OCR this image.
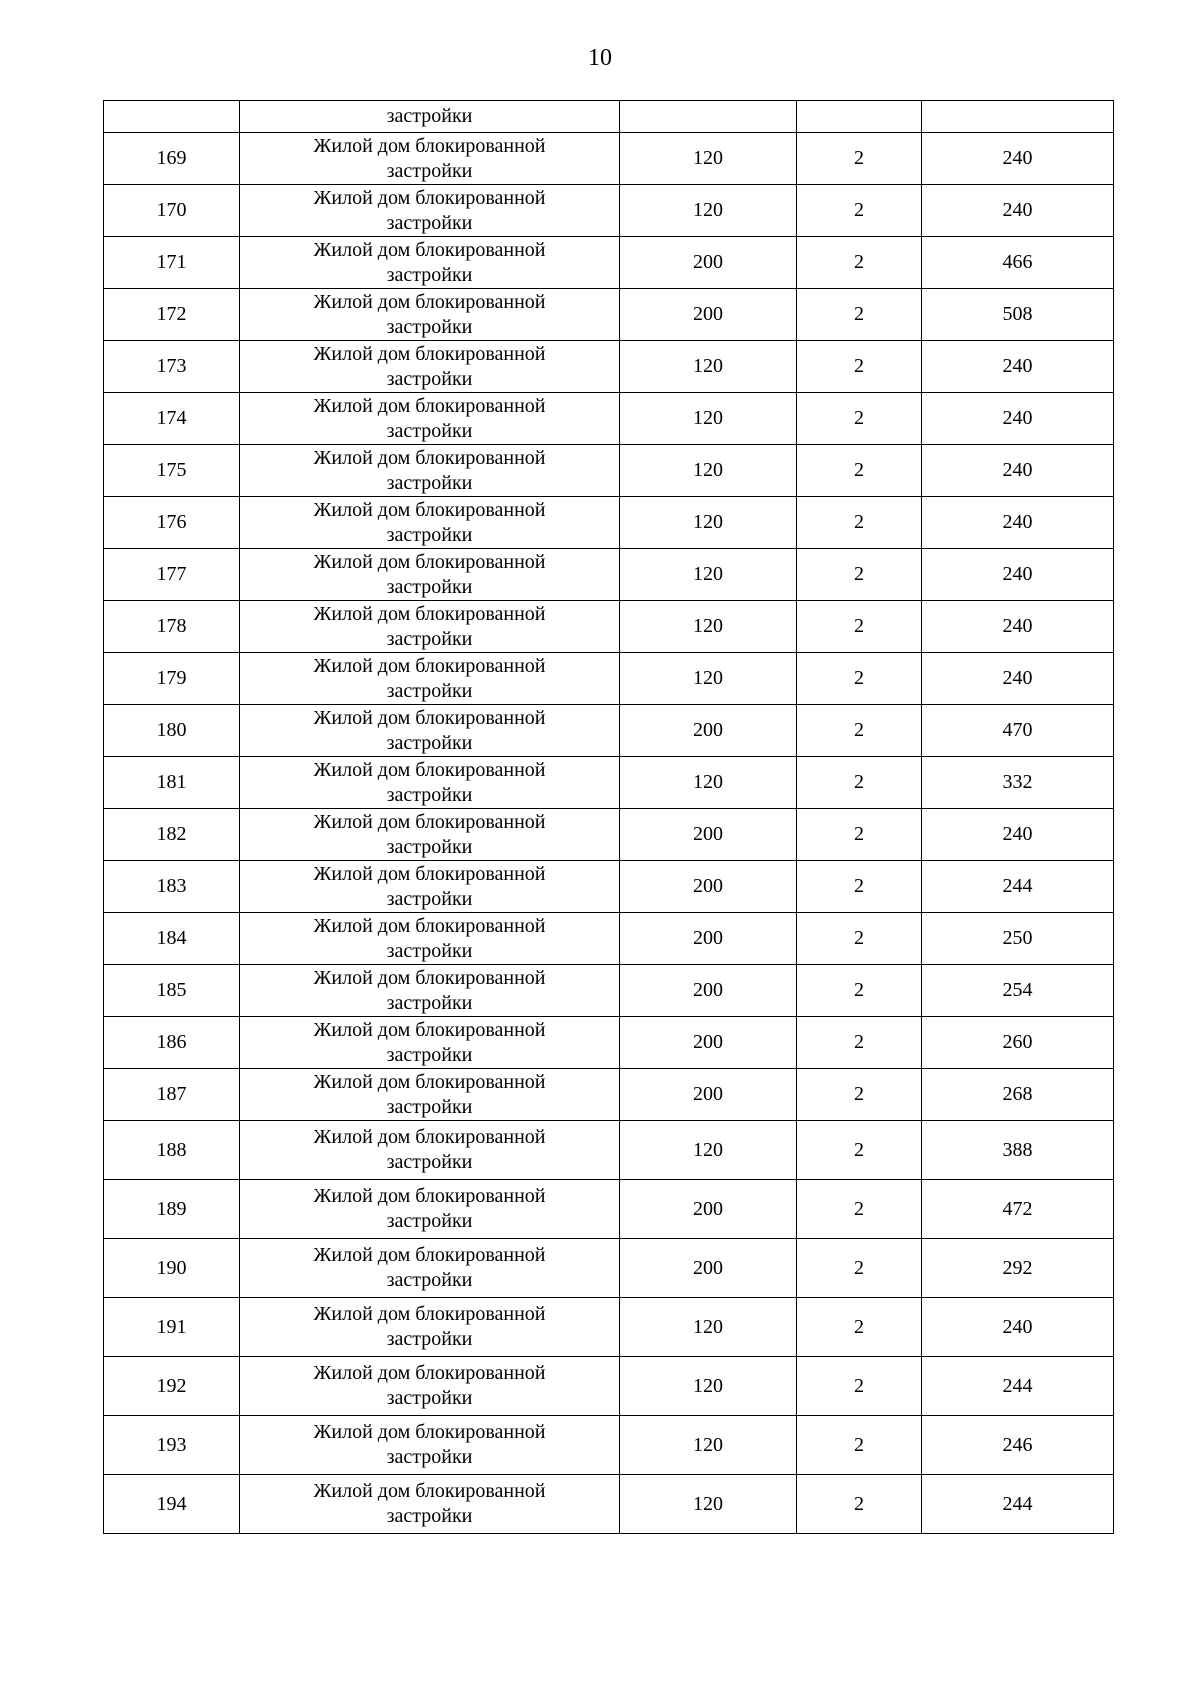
10
	застройки			
169	Жилой дом блокированной
застройки	120	2	240
170	Жилой дом блокированной
застройки	120	2	240
171	Жилой дом блокированной
застройки	200	2	466
172	Жилой дом блокированной
застройки	200	2	508
173	Жилой дом блокированной
застройки	120	2	240
174	Жилой дом блокированной
застройки	120	2	240
175	Жилой дом блокированной
застройки	120	2	240
176	Жилой дом блокированной
застройки	120	2	240
177	Жилой дом блокированной
застройки	120	2	240
178	Жилой дом блокированной
застройки	120	2	240
179	Жилой дом блокированной
застройки	120	2	240
180	Жилой дом блокированной
застройки	200	2	470
181	Жилой дом блокированной
застройки	120	2	332
182	Жилой дом блокированной
застройки	200	2	240
183	Жилой дом блокированной
застройки	200	2	244
184	Жилой дом блокированной
застройки	200	2	250
185	Жилой дом блокированной
застройки	200	2	254
186	Жилой дом блокированной
застройки	200	2	260
187	Жилой дом блокированной
застройки	200	2	268
188	Жилой дом блокированной
застройки	120	2	388
189	Жилой дом блокированной
застройки	200	2	472
190	Жилой дом блокированной
застройки	200	2	292
191	Жилой дом блокированной
застройки	120	2	240
192	Жилой дом блокированной
застройки	120	2	244
193	Жилой дом блокированной
застройки	120	2	246
194	Жилой дом блокированной
застройки	120	2	244
